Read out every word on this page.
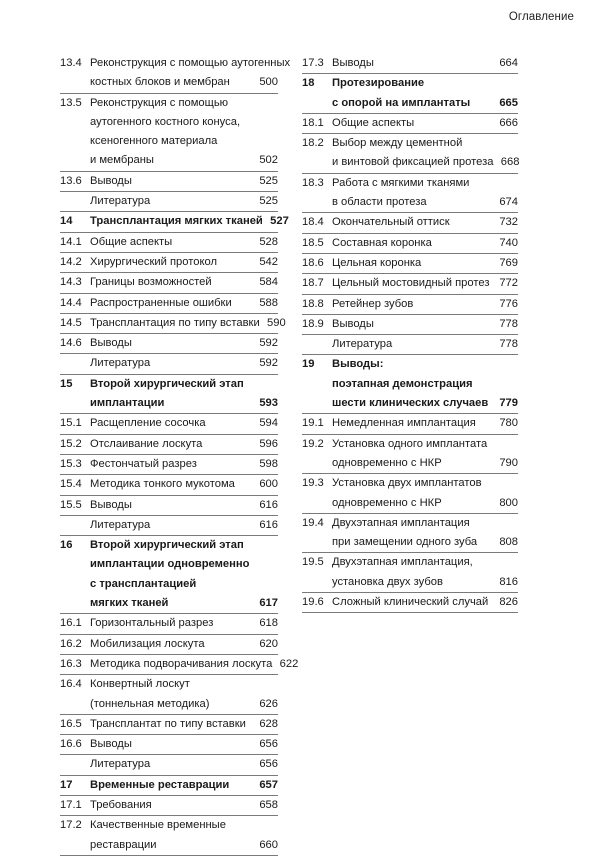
Оглавление
13.4 Реконструкция с помощью аутогенных
костных блоков и мембран	500
13.5 Реконструкция с помощью
аутогенного костного конуса,
ксеногенного материала
и мембраны	502
13.6 Выводы	525
Литература	525
14	Трансплантация мягких тканей 527
14.1 Общие аспекты	528
14.2 Хирургический протокол	542
14.3 Границы возможностей	584
14.4 Распространенные ошибки	588
14.5 Трансплантация по типу вставки 590
14.6 Выводы	592
Литература	592
15	Второй хирургический этап
имплантации	593
15.1 Расщепление сосочка	594
15.2 Отслаивание лоскута	596
15.3 Фестончатый разрез	598
15.4 Методика тонкого мукотома	600
15.5 Выводы	616
Литература	616
16	Второй хирургический этап
имплантации одновременно
с трансплантацией
мягких тканей	617
16.1 Горизонтальный разрез	618
16.2 Мобилизация лоскута	620
16.3 Методика подворачивания лоскута 622
16.4 Конвертный лоскут
(тоннельная методика)	626
16.5 Трансплантат по типу вставки	628
16.6 Выводы	656
Литература	656
17	Временные реставрации	657
17.1 Требования	658
17.2 Качественные временные
реставрации	660
17.3 Выводы	664
18	Протезирование
с опорой на имплантаты	665
18.1 Общие аспекты	666
18.2 Выбор между цементной
и винтовой фиксацией протеза 668
18.3 Работа с мягкими тканями
в области протеза	674
18.4 Окончательный оттиск	732
18.5 Составная коронка	740
18.6 Цельная коронка	769
18.7 Цельный мостовидный протез 772
18.8 Ретейнер зубов	776
18.9 Выводы	778
Литература	778
19	Выводы:
поэтапная демонстрация
шести клинических случаев 779
19.1 Немедленная имплантация	780
19.2 Установка одного имплантата
одновременно с НКР	790
19.3 Установка двух имплантатов
одновременно с НКР	800
19.4 Двухэтапная имплантация
при замещении одного зуба	808
19.5 Двухэтапная имплантация,
установка двух зубов	816
19.6 Сложный клинический случай 826
